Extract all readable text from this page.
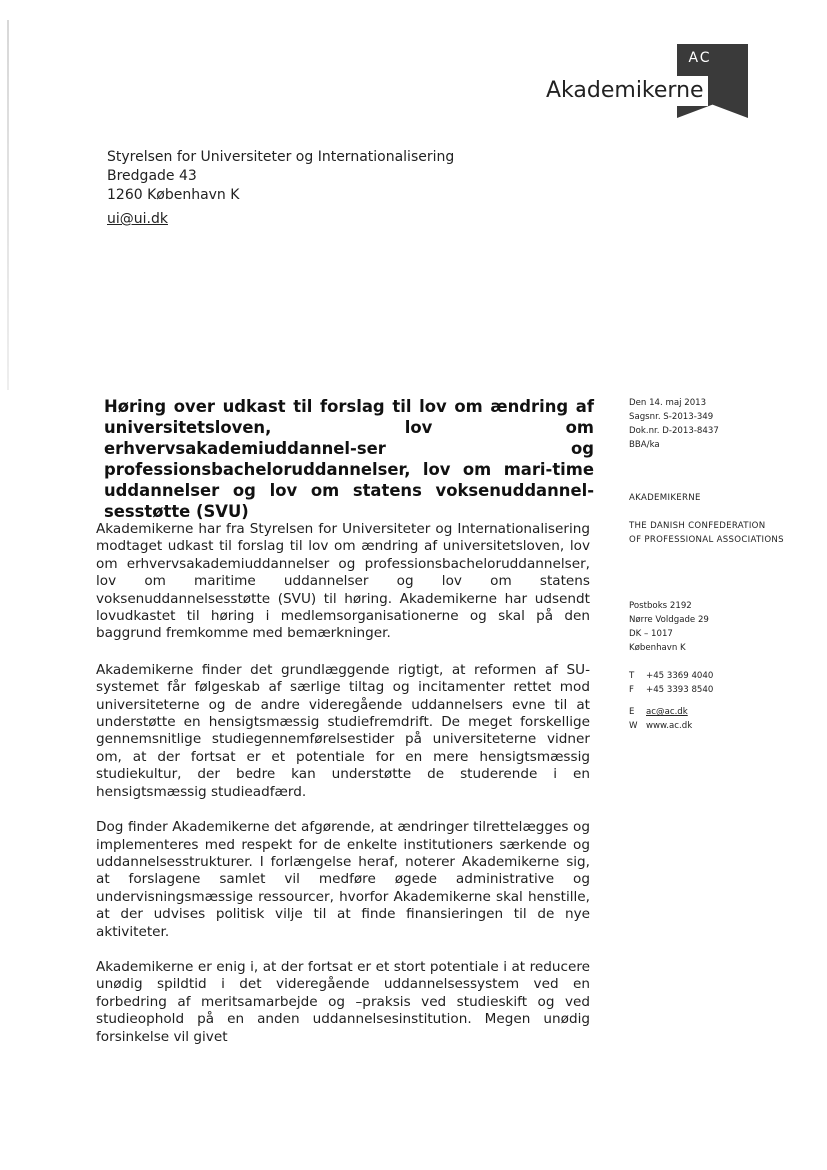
AC
Akademikerne
Styrelsen for Universiteter og Internationalisering
Bredgade 43
1260 København K
ui@ui.dk
Høring over udkast til forslag til lov om ændring af universitetsloven, lov om erhvervsakademiuddannel-ser og professionsbacheloruddannelser, lov om mari-time uddannelser og lov om statens voksenuddannel-sesstøtte (SVU)
Den 14. maj 2013
Sagsnr. S-2013-349
Dok.nr. D-2013-8437
BBA/ka
AKADEMIKERNE
THE DANISH CONFEDERATION
OF PROFESSIONAL ASSOCIATIONS
Postboks 2192
Nørre Voldgade 29
DK – 1017
København K
T	+45 3369 4040
F	+45 3393 8540
E	ac@ac.dk
W www.ac.dk

Akademikerne har fra Styrelsen for Universiteter og Internationalisering modtaget udkast til forslag til lov om ændring af universitetsloven, lov om erhvervsakademiuddannelser og professionsbacheloruddannelser, lov om maritime uddannelser og lov om statens voksenuddannelsesstøtte (SVU) til høring. Akademikerne har udsendt lovudkastet til høring i medlemsorganisationerne og skal på den baggrund fremkomme med bemærkninger.

Akademikerne finder det grundlæggende rigtigt, at reformen af SU-systemet får følgeskab af særlige tiltag og incitamenter rettet mod universiteterne og de andre videregående uddannelsers evne til at understøtte en hensigtsmæssig studiefremdrift. De meget forskellige gennemsnitlige studiegennemførelsestider på universiteterne vidner om, at der fortsat er et potentiale for en mere hensigtsmæssig studiekultur, der bedre kan understøtte de studerende i en hensigtsmæssig studieadfærd.

Dog finder Akademikerne det afgørende, at ændringer tilrettelægges og implementeres med respekt for de enkelte institutioners særkende og uddannelsesstrukturer. I forlængelse heraf, noterer Akademikerne sig, at forslagene samlet vil medføre øgede administrative og undervisningsmæssige ressourcer, hvorfor Akademikerne skal henstille, at der udvises politisk vilje til at finde finansieringen til de nye aktiviteter.

Akademikerne er enig i, at der fortsat er et stort potentiale i at reducere unødig spildtid i det videregående uddannelsessystem ved en forbedring af meritsamarbejde og –praksis ved studieskift og ved studieophold på en anden uddannelsesinstitution. Megen unødig forsinkelse vil givet
